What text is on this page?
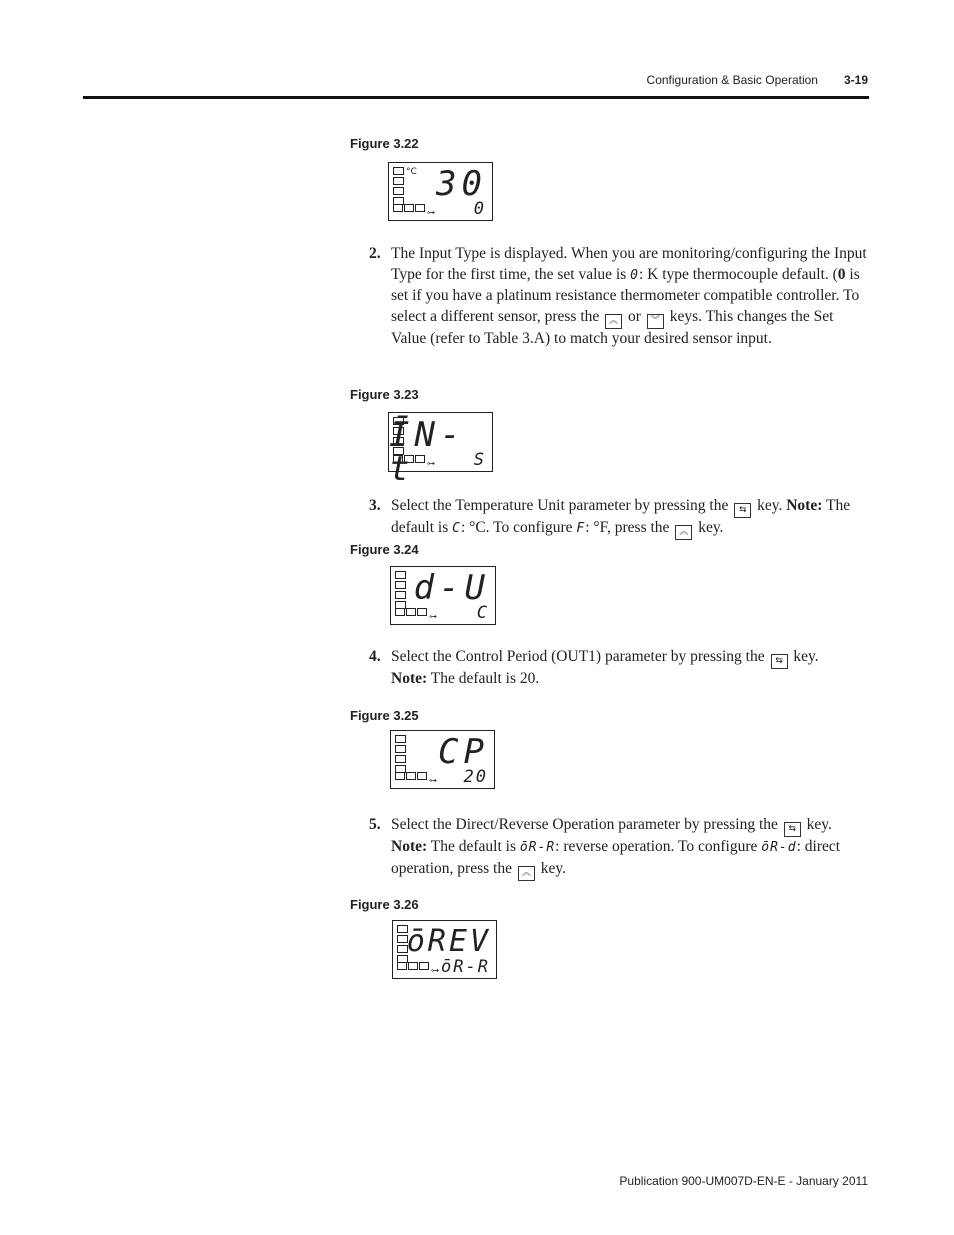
Configuration & Basic Operation 3-19
Figure 3.22
°C
⊶
30
0
2. The Input Type is displayed. When you are monitoring/configuring the Input Type for the first time, the set value is 0: K type thermocouple default. (0 is set if you have a platinum resistance thermometer compatible controller. To select a different sensor, press the ︽ or ︾ keys. This changes the Set Value (refer to Table 3.A) to match your desired sensor input.
Figure 3.23
⊶
ĪN-t	S
3. Select the Temperature Unit parameter by pressing the ⇆ key. Note: The default is C: °C. To configure F: °F, press the ︽ key.
Figure 3.24
⊶
d-U
C
4. Select the Control Period (OUT1) parameter by pressing the ⇆ key.
Note: The default is 20.
Figure 3.25
⊶
CP
20
5. Select the Direct/Reverse Operation parameter by pressing the ⇆ key.
Note: The default is ōR-R: reverse operation. To configure ōR-d: direct operation, press the ︽ key.
Figure 3.26
⊶
ōREV
ōR-R
Publication 900-UM007D-EN-E - January 2011
